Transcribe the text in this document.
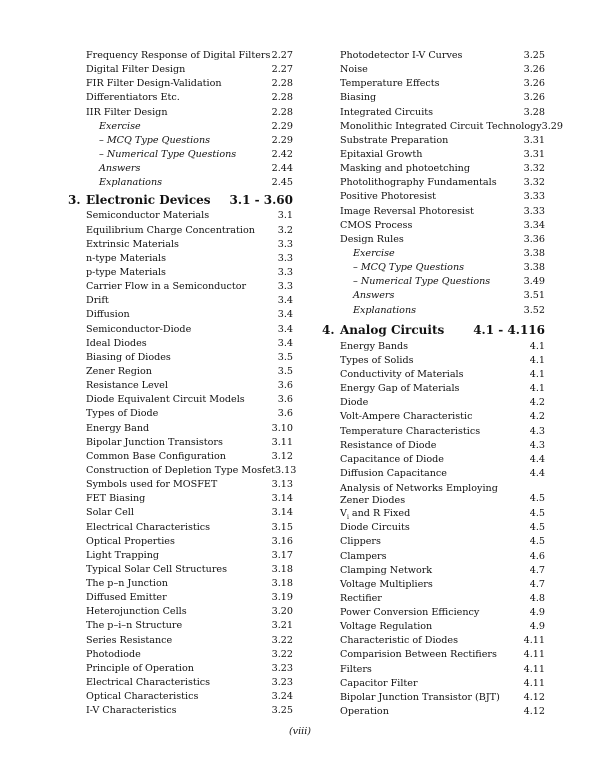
Frequency Response of Digital Filters 2.27
Digital Filter Design	2.27
FIR Filter Design-Validation	2.28
Differentiators Etc.	2.28
IIR Filter Design	2.28
Exercise	2.29
– MCQ Type Questions	2.29
– Numerical Type Questions	2.42
Answers	2.44
Explanations	2.45
3. Electronic Devices 3.1 - 3.60
Semiconductor Materials	3.1
Equilibrium Charge Concentration 3.2
Extrinsic Materials	3.3
n-type Materials	3.3
p-type Materials	3.3
Carrier Flow in a Semiconductor	3.3
Drift	3.4
Diffusion	3.4
Semiconductor-Diode	3.4
Ideal Diodes	3.4
Biasing of Diodes	3.5
Zener Region	3.5
Resistance Level	3.6
Diode Equivalent Circuit Models	3.6
Types of Diode	3.6
Energy Band	3.10
Bipolar Junction Transistors	3.11
Common Base Configuration	3.12
Construction of Depletion Type Mosfet 3.13
Symbols used for MOSFET	3.13
FET Biasing	3.14
Solar Cell	3.14
Electrical Characteristics	3.15
Optical Properties	3.16
Light Trapping	3.17
Typical Solar Cell Structures	3.18
The p–n Junction	3.18
Diffused Emitter	3.19
Heterojunction Cells	3.20
The p–i–n Structure	3.21
Series Resistance	3.22
Photodiode	3.22
Principle of Operation	3.23
Electrical Characteristics	3.23
Optical Characteristics	3.24
I-V Characteristics	3.25
Photodetector I-V Curves	3.25
Noise	3.26
Temperature Effects	3.26
Biasing	3.26
Integrated Circuits	3.28
Monolithic Integrated Circuit Technology 3.29
Substrate Preparation	3.31
Epitaxial Growth	3.31
Masking and photoetching	3.32
Photolithography Fundamentals	3.32
Positive Photoresist	3.33
Image Reversal Photoresist	3.33
CMOS Process	3.34
Design Rules	3.36
Exercise	3.38
– MCQ Type Questions	3.38
– Numerical Type Questions	3.49
Answers	3.51
Explanations	3.52
4. Analog Circuits 4.1 - 4.116
Energy Bands	4.1
Types of Solids	4.1
Conductivity of Materials	4.1
Energy Gap of Materials	4.1
Diode	4.2
Volt-Ampere Characteristic	4.2
Temperature Characteristics	4.3
Resistance of Diode	4.3
Capacitance of Diode	4.4
Diffusion Capacitance	4.4
Analysis of Networks Employing Zener Diodes	4.5
$V_i$ and R Fixed	4.5
Diode Circuits	4.5
Clippers	4.5
Clampers	4.6
Clamping Network	4.7
Voltage Multipliers	4.7
Rectifier	4.8
Power Conversion Efficiency	4.9
Voltage Regulation	4.9
Characteristic of Diodes	4.11
Comparision Between Rectifiers	4.11
Filters	4.11
Capacitor Filter	4.11
Bipolar Junction Transistor (BJT) 4.12
Operation	4.12
(viii)
